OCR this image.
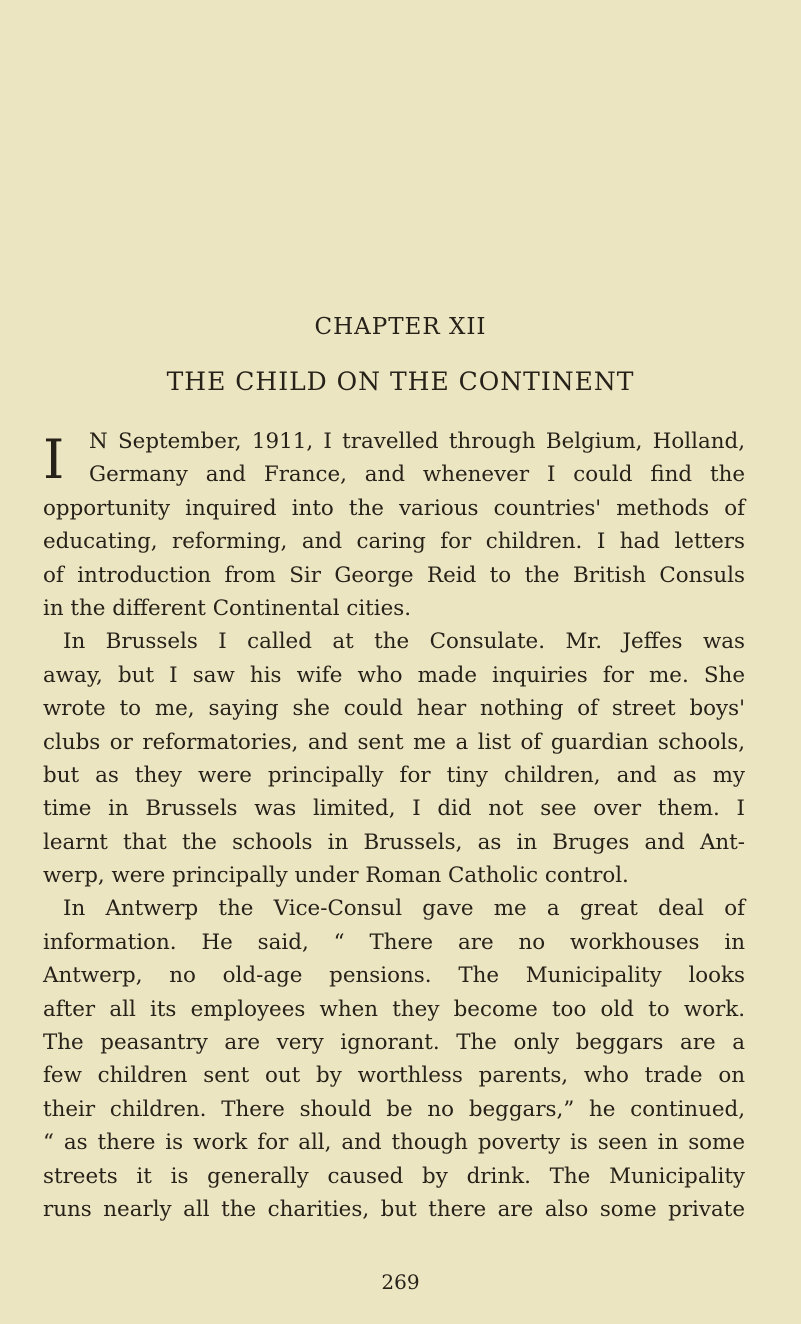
CHAPTER XII
THE CHILD ON THE CONTINENT
I	N September, 1911, I travelled through Belgium, Holland,
Germany and France, and whenever I could find the
opportunity inquired into the various countries' methods of
educating, reforming, and caring for children. I had letters
of introduction from Sir George Reid to the British Consuls
in the different Continental cities.
In Brussels I called at the Consulate. Mr. Jeffes was
away, but I saw his wife who made inquiries for me. She
wrote to me, saying she could hear nothing of street boys'
clubs or reformatories, and sent me a list of guardian schools,
but as they were principally for tiny children, and as my
time in Brussels was limited, I did not see over them. I
learnt that the schools in Brussels, as in Bruges and Ant-
werp, were principally under Roman Catholic control.
In Antwerp the Vice-Consul gave me a great deal of
information. He said, “ There are no workhouses in
Antwerp, no old-age pensions. The Municipality looks
after all its employees when they become too old to work.
The peasantry are very ignorant. The only beggars are a
few children sent out by worthless parents, who trade on
their children. There should be no beggars,” he continued,
“ as there is work for all, and though poverty is seen in some
streets it is generally caused by drink. The Municipality
runs nearly all the charities, but there are also some private
269
